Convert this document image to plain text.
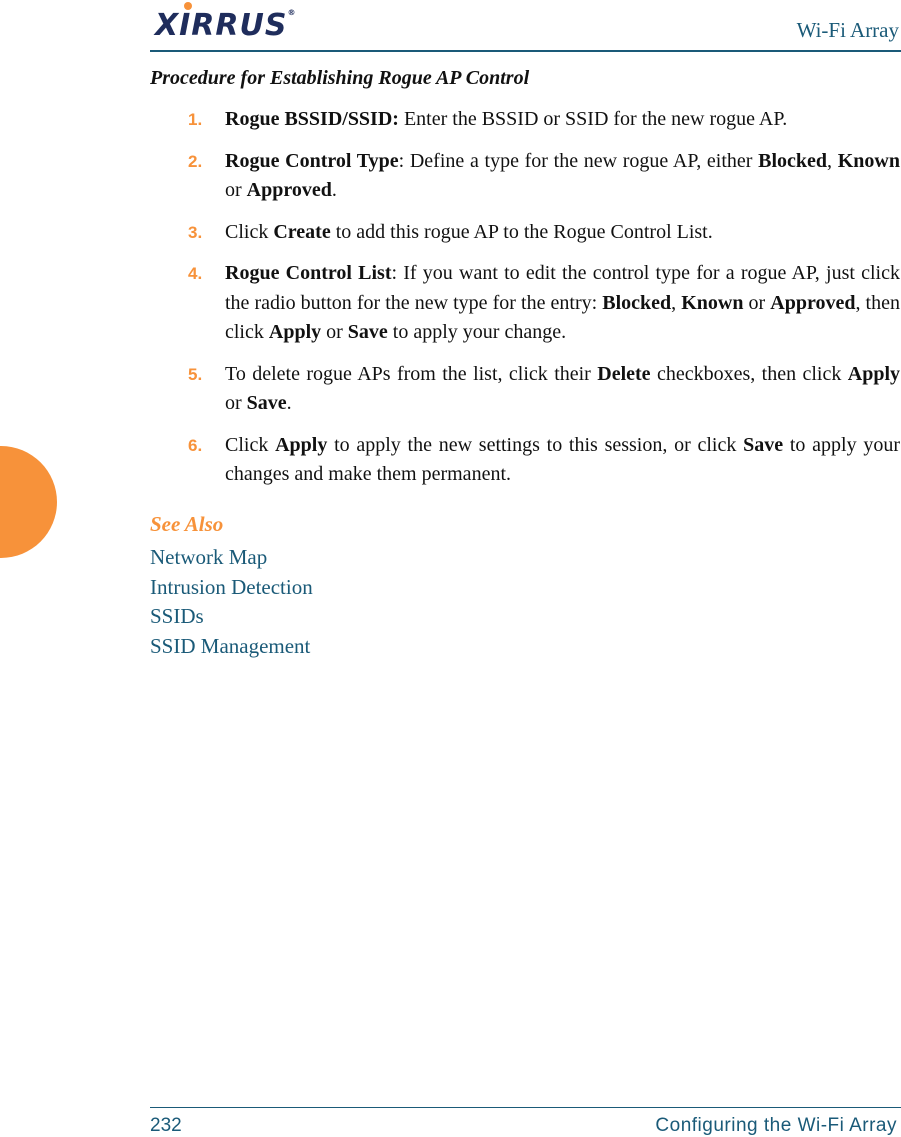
XIRRUS®
Wi-Fi Array
Procedure for Establishing Rogue AP Control
1. Rogue BSSID/SSID: Enter the BSSID or SSID for the new rogue AP.
2. Rogue Control Type: Define a type for the new rogue AP, either Blocked, Known or Approved.
3. Click Create to add this rogue AP to the Rogue Control List.
4. Rogue Control List: If you want to edit the control type for a rogue AP, just click the radio button for the new type for the entry: Blocked, Known or Approved, then click Apply or Save to apply your change.
5. To delete rogue APs from the list, click their Delete checkboxes, then click Apply or Save.
6. Click Apply to apply the new settings to this session, or click Save to apply your changes and make them permanent.
See Also
Network Map
Intrusion Detection
SSIDs
SSID Management
232	Configuring the Wi-Fi Array
